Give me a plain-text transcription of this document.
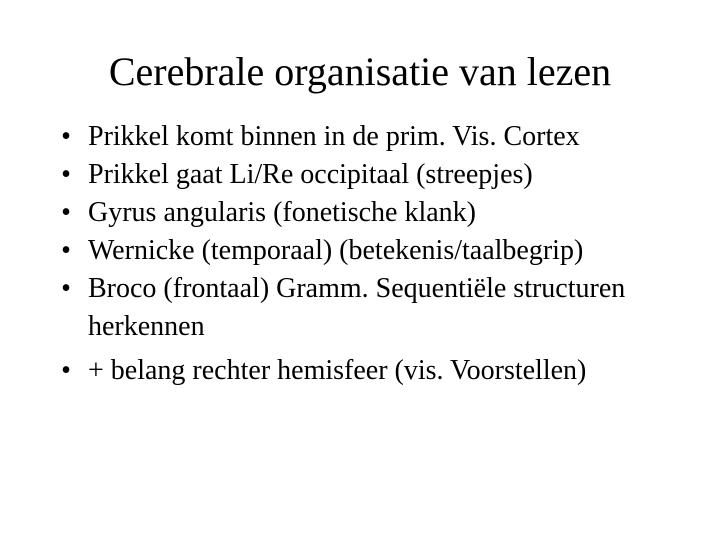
Cerebrale organisatie van lezen
• Prikkel komt binnen in de prim. Vis. Cortex
• Prikkel gaat Li/Re occipitaal (streepjes)
• Gyrus angularis (fonetische klank)
• Wernicke (temporaal) (betekenis/taalbegrip)
• Broco (frontaal) Gramm. Sequentiële structuren herkennen
• + belang rechter hemisfeer (vis. Voorstellen)
